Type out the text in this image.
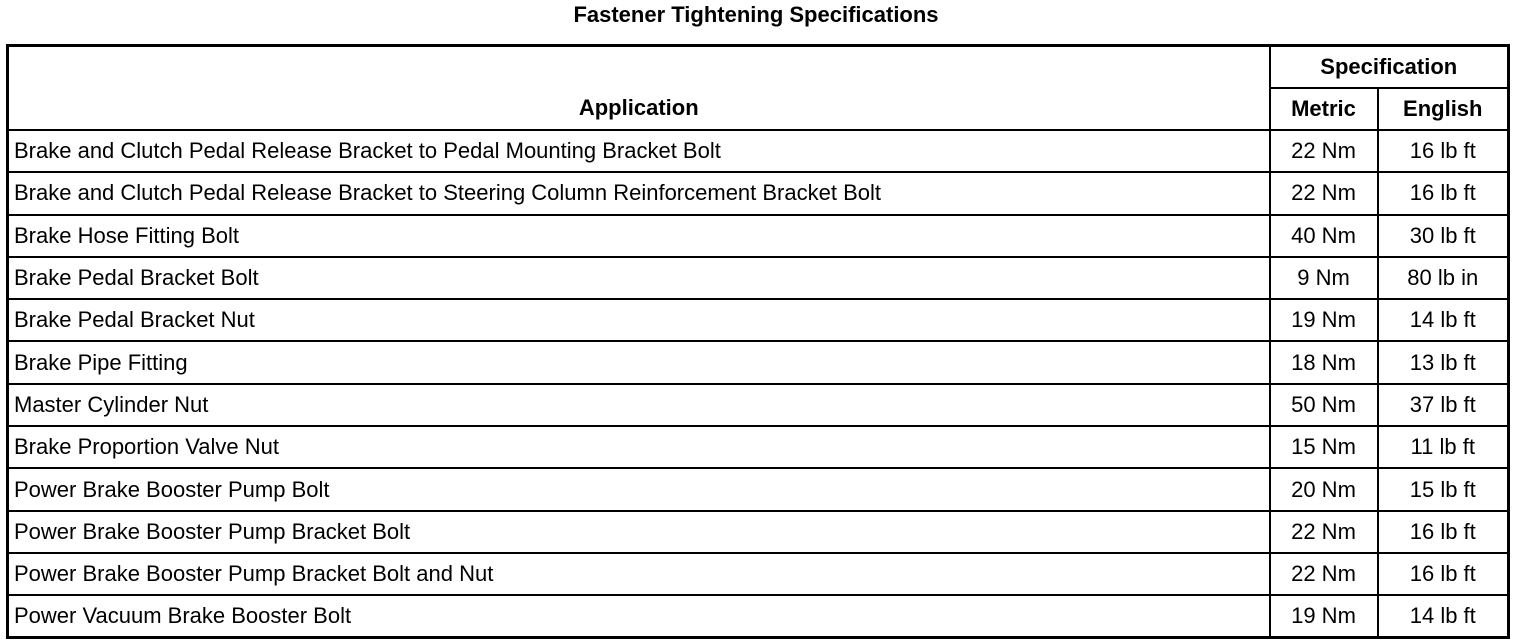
Fastener Tightening Specifications
Application	Specification	
	Metric	English
Brake and Clutch Pedal Release Bracket to Pedal Mounting Bracket Bolt	22 Nm	16 lb ft
Brake and Clutch Pedal Release Bracket to Steering Column Reinforcement Bracket Bolt	22 Nm	16 lb ft
Brake Hose Fitting Bolt	40 Nm	30 lb ft
Brake Pedal Bracket Bolt	9 Nm	80 lb in
Brake Pedal Bracket Nut	19 Nm	14 lb ft
Brake Pipe Fitting	18 Nm	13 lb ft
Master Cylinder Nut	50 Nm	37 lb ft
Brake Proportion Valve Nut	15 Nm	11 lb ft
Power Brake Booster Pump Bolt	20 Nm	15 lb ft
Power Brake Booster Pump Bracket Bolt	22 Nm	16 lb ft
Power Brake Booster Pump Bracket Bolt and Nut	22 Nm	16 lb ft
Power Vacuum Brake Booster Bolt	19 Nm	14 lb ft
